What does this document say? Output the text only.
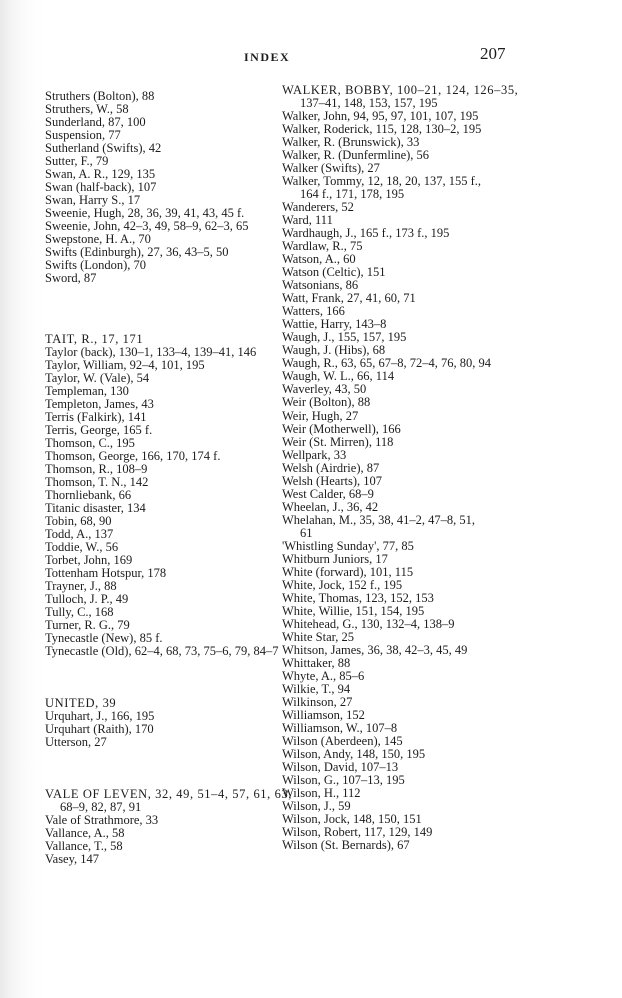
INDEX	207
Struthers (Bolton), 88
Struthers, W., 58
Sunderland, 87, 100
Suspension, 77
Sutherland (Swifts), 42
Sutter, F., 79
Swan, A. R., 129, 135
Swan (half-back), 107
Swan, Harry S., 17
Sweenie, Hugh, 28, 36, 39, 41, 43, 45 f.
Sweenie, John, 42–3, 49, 58–9, 62–3, 65
Swepstone, H. A., 70
Swifts (Edinburgh), 27, 36, 43–5, 50
Swifts (London), 70
Sword, 87
TAIT, R., 17, 171
Taylor (back), 130–1, 133–4, 139–41, 146
Taylor, William, 92–4, 101, 195
Taylor, W. (Vale), 54
Templeman, 130
Templeton, James, 43
Terris (Falkirk), 141
Terris, George, 165 f.
Thomson, C., 195
Thomson, George, 166, 170, 174 f.
Thomson, R., 108–9
Thomson, T. N., 142
Thornliebank, 66
Titanic disaster, 134
Tobin, 68, 90
Todd, A., 137
Toddie, W., 56
Torbet, John, 169
Tottenham Hotspur, 178
Trayner, J., 88
Tulloch, J. P., 49
Tully, C., 168
Turner, R. G., 79
Tynecastle (New), 85 f.
Tynecastle (Old), 62–4, 68, 73, 75–6, 79, 84–7
UNITED, 39
Urquhart, J., 166, 195
Urquhart (Raith), 170
Utterson, 27
VALE OF LEVEN, 32, 49, 51–4, 57, 61, 63,
68–9, 82, 87, 91
Vale of Strathmore, 33
Vallance, A., 58
Vallance, T., 58
Vasey, 147
WALKER, BOBBY, 100–21, 124, 126–35,
137–41, 148, 153, 157, 195
Walker, John, 94, 95, 97, 101, 107, 195
Walker, Roderick, 115, 128, 130–2, 195
Walker, R. (Brunswick), 33
Walker, R. (Dunfermline), 56
Walker (Swifts), 27
Walker, Tommy, 12, 18, 20, 137, 155 f.,
164 f., 171, 178, 195
Wanderers, 52
Ward, 111
Wardhaugh, J., 165 f., 173 f., 195
Wardlaw, R., 75
Watson, A., 60
Watson (Celtic), 151
Watsonians, 86
Watt, Frank, 27, 41, 60, 71
Watters, 166
Wattie, Harry, 143–8
Waugh, J., 155, 157, 195
Waugh, J. (Hibs), 68
Waugh, R., 63, 65, 67–8, 72–4, 76, 80, 94
Waugh, W. L., 66, 114
Waverley, 43, 50
Weir (Bolton), 88
Weir, Hugh, 27
Weir (Motherwell), 166
Weir (St. Mirren), 118
Wellpark, 33
Welsh (Airdrie), 87
Welsh (Hearts), 107
West Calder, 68–9
Wheelan, J., 36, 42
Whelahan, M., 35, 38, 41–2, 47–8, 51,
61
'Whistling Sunday', 77, 85
Whitburn Juniors, 17
White (forward), 101, 115
White, Jock, 152 f., 195
White, Thomas, 123, 152, 153
White, Willie, 151, 154, 195
Whitehead, G., 130, 132–4, 138–9
White Star, 25
Whitson, James, 36, 38, 42–3, 45, 49
Whittaker, 88
Whyte, A., 85–6
Wilkie, T., 94
Wilkinson, 27
Williamson, 152
Williamson, W., 107–8
Wilson (Aberdeen), 145
Wilson, Andy, 148, 150, 195
Wilson, David, 107–13
Wilson, G., 107–13, 195
Wilson, H., 112
Wilson, J., 59
Wilson, Jock, 148, 150, 151
Wilson, Robert, 117, 129, 149
Wilson (St. Bernards), 67
